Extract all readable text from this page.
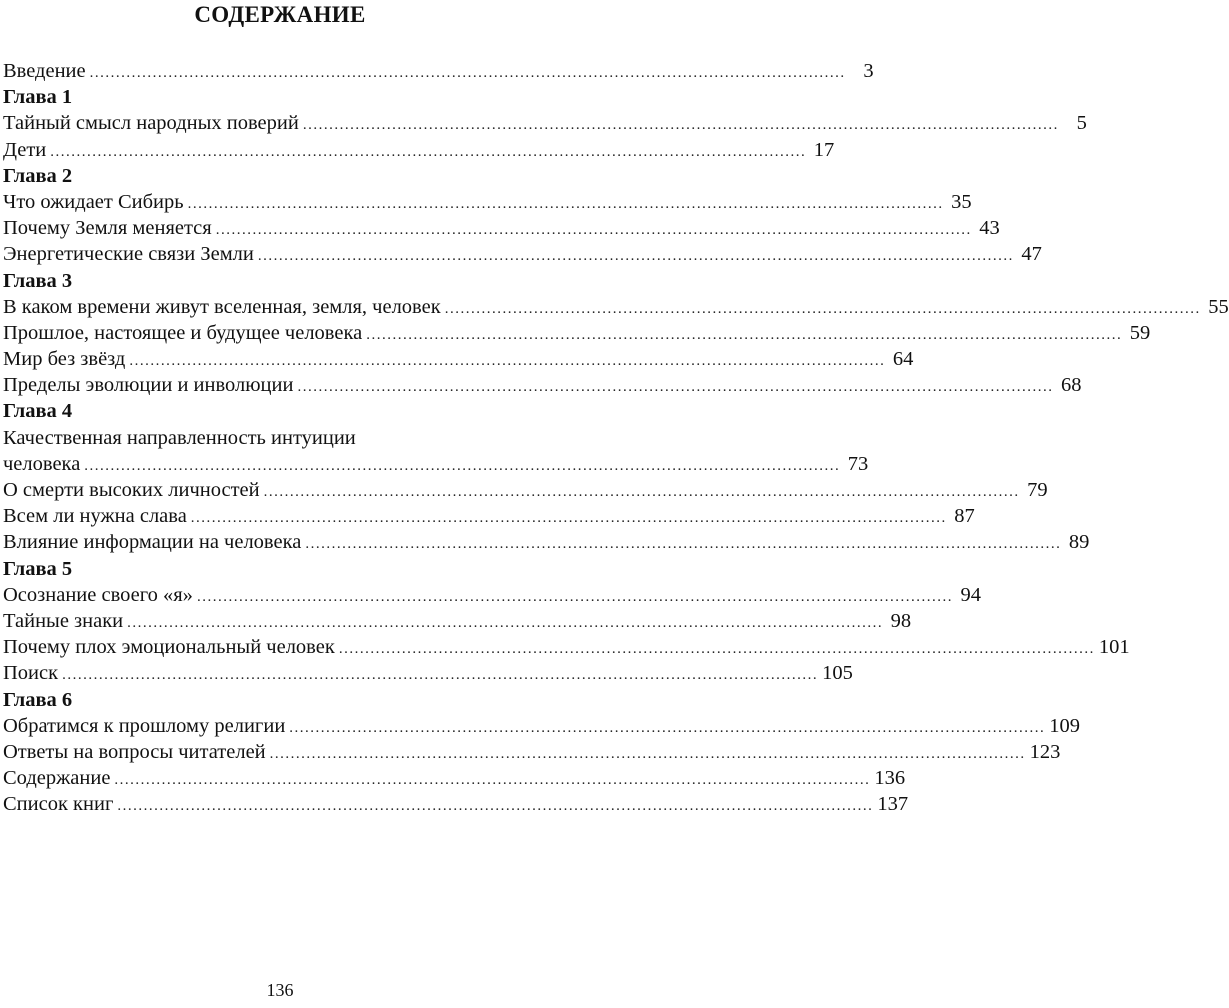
СОДЕРЖАНИЕ
Введение ................................................................................................................................................ 3
Глава 1
Тайный смысл народных поверий ................................................................................................................................................ 5
Дети ................................................................................................................................................ 17
Глава 2
Что ожидает Сибирь ................................................................................................................................................ 35
Почему Земля меняется ................................................................................................................................................ 43
Энергетические связи Земли ................................................................................................................................................ 47
Глава 3
В каком времени живут вселенная, земля, человек ................................................................................................................................................ 55
Прошлое, настоящее и будущее человека ................................................................................................................................................ 59
Мир без звёзд ................................................................................................................................................ 64
Пределы эволюции и инволюции ................................................................................................................................................ 68
Глава 4
Качественная направленность интуиции
человека ................................................................................................................................................ 73
О смерти высоких личностей ................................................................................................................................................ 79
Всем ли нужна слава ................................................................................................................................................ 87
Влияние информации на человека ................................................................................................................................................ 89
Глава 5
Осознание своего «я» ................................................................................................................................................ 94
Тайные знаки ................................................................................................................................................ 98
Почему плох эмоциональный человек ................................................................................................................................................ 101
Поиск ................................................................................................................................................ 105
Глава 6
Обратимся к прошлому религии ................................................................................................................................................ 109
Ответы на вопросы читателей ................................................................................................................................................ 123
Содержание ................................................................................................................................................ 136
Список книг ................................................................................................................................................ 137
136
